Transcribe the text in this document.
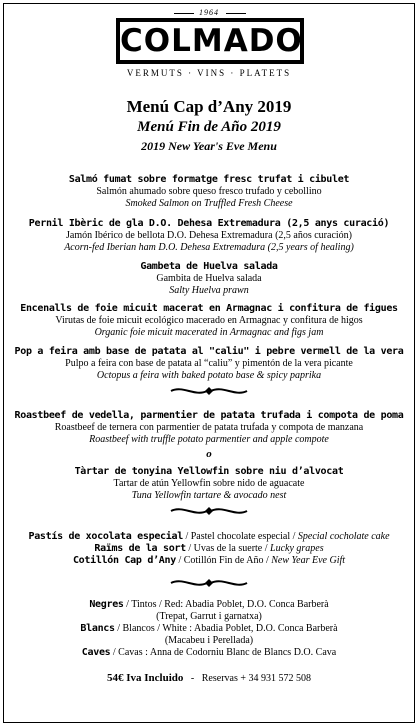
1964
COLMADO
VERMUTS · VINS · PLATETS
Menú Cap d’Any 2019
Menú Fin de Año 2019
2019 New Year's Eve Menu
Salmó fumat sobre formatge fresc trufat i cibulet
Salmón ahumado sobre queso fresco trufado y cebollino
Smoked Salmon on Truffled Fresh Cheese
Pernil Ibèric de gla D.O. Dehesa Extremadura (2,5 anys curació)
Jamón Ibérico de bellota D.O. Dehesa Extremadura (2,5 años curación)
Acorn-fed Iberian ham D.O. Dehesa Extremadura (2,5 years of healing)
Gambeta de Huelva salada
Gambita de Huelva salada
Salty Huelva prawn
Encenalls de foie micuit macerat en Armagnac i confitura de figues
Virutas de foie micuit ecológico macerado en Armagnac y confitura de higos
Organic foie micuit macerated in Armagnac and figs jam
Pop a feira amb base de patata al "caliu" i pebre vermell de la vera
Pulpo a feira con base de patata al “caliu” y pimentón de la vera picante
Octopus a feira with baked potato base & spicy paprika
Roastbeef de vedella, parmentier de patata trufada i compota de poma
Roastbeef de ternera con parmentier de patata trufada y compota de manzana
Roastbeef with truffle potato parmentier and apple compote
o
Tàrtar de tonyina Yellowfin sobre niu d’alvocat
Tartar de atún Yellowfin sobre nido de aguacate
Tuna Yellowfin tartare & avocado nest
Pastís de xocolata especial / Pastel chocolate especial / Special cocholate cake
Raïms de la sort / Uvas de la suerte / Lucky grapes
Cotillón Cap d’Any / Cotillón Fin de Año / New Year Eve Gift
Negres / Tintos / Red: Abadia Poblet, D.O. Conca Barberà
(Trepat, Garrut i garnatxa)
Blancs / Blancos / White : Abadia Poblet, D.O. Conca Barberà
(Macabeu i Perellada)
Caves / Cavas : Anna de Codorniu Blanc de Blancs D.O. Cava
54€ Iva Incluido - Reservas + 34 931 572 508
